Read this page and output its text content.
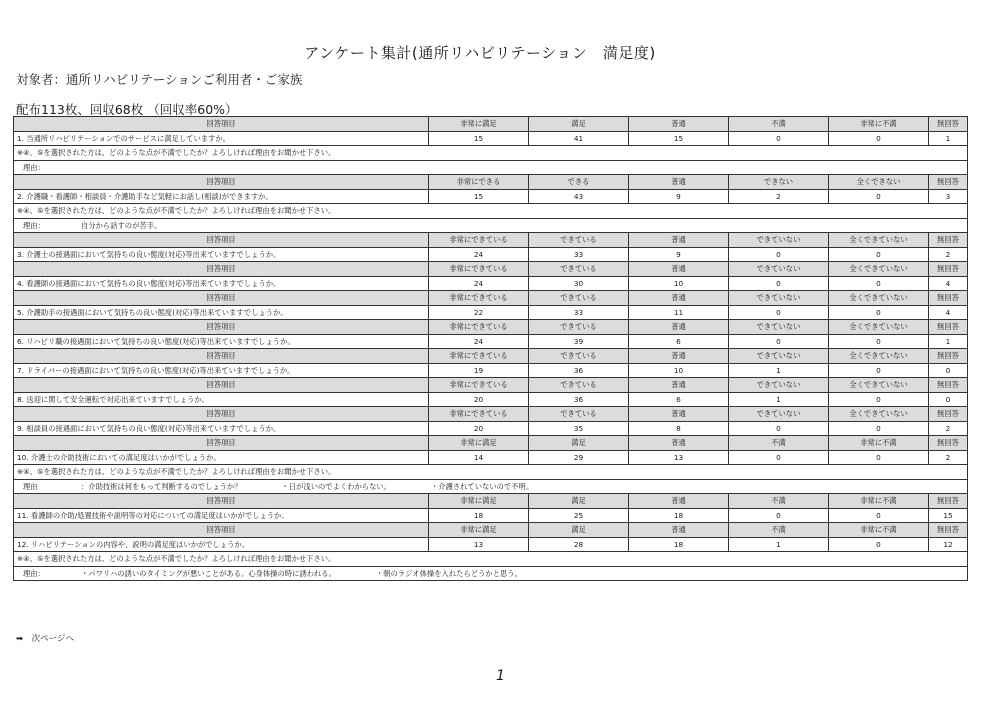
アンケート集計(通所リハビリテーション　満足度)
対象者：通所リハビリテーションご利用者・ご家族
配布113枚、回収68枚 （回収率60%）
回答項目	非常に満足	満足	普通	不満	非常に不満	無回答
1. 当通所リハビリテーションでのサービスに満足していますか。	15	41	15	0	0	1
※④、⑤を選択された方は、どのような点が不満でしたか？よろしければ理由をお聞かせ下さい。						
理由：						
回答項目	非常にできる	できる	普通	できない	全くできない	無回答
2. 介護職・看護師・相談員・介護助手など気軽にお話し(相談)ができますか。	15	43	9	2	0	3
※④、⑤を選択された方は、どのような点が不満でしたか？よろしければ理由をお聞かせ下さい。						
理由： 自分から話すのが苦手。						
回答項目	非常にできている	できている	普通	できていない	全くできていない	無回答
3. 介護士の接遇面において気持ちの良い態度(対応)等出来ていますでしょうか。	24	33	9	0	0	2
回答項目	非常にできている	できている	普通	できていない	全くできていない	無回答
4. 看護師の接遇面において気持ちの良い態度(対応)等出来ていますでしょうか。	24	30	10	0	0	4
回答項目	非常にできている	できている	普通	できていない	全くできていない	無回答
5. 介護助手の接遇面において気持ちの良い態度(対応)等出来ていますでしょうか。	22	33	11	0	0	4
回答項目	非常にできている	できている	普通	できていない	全くできていない	無回答
6. リハビリ職の接遇面において気持ちの良い態度(対応)等出来ていますでしょうか。	24	39	6	0	0	1
回答項目	非常にできている	できている	普通	できていない	全くできていない	無回答
7. ドライバーの接遇面において気持ちの良い態度(対応)等出来ていますでしょうか。	19	36	10	1	0	0
回答項目	非常にできている	できている	普通	できていない	全くできていない	無回答
8. 送迎に関して安全運転で対応出来ていますでしょうか。	20	36	6	1	0	0
回答項目	非常にできている	できている	普通	できていない	全くできていない	無回答
9. 相談員の接遇面において気持ちの良い態度(対応)等出来ていますでしょうか。	20	35	8	0	0	2
回答項目	非常に満足	満足	普通	不満	非常に不満	無回答
10. 介護士の介助技術においての満足度はいかがでしょうか。	14	29	13	0	0	2
※④、⑤を選択された方は、どのような点が不満でしたか？よろしければ理由をお聞かせ下さい。						
理由 ：介助技術は何をもって判断するのでしょうか？ ・日が浅いのでよくわからない。 ・介護されていないので不明。						
回答項目	非常に満足	満足	普通	不満	非常に不満	無回答
11. 看護師の介助/処置技術や説明等の対応についての満足度はいかがでしょうか。	18	25	18	0	0	15
回答項目	非常に満足	満足	普通	不満	非常に不満	無回答
12. リハビリテーションの内容や、説明の満足度はいかがでしょうか。	13	28	18	1	0	12
※④、⑤を選択された方は、どのような点が不満でしたか？よろしければ理由をお聞かせ下さい。						
理由： ・パワリハの誘いのタイミングが悪いことがある。心身体操の時に誘われる。 ・朝のラジオ体操を入れたらどうかと思う。						
➡　次ページへ
1
